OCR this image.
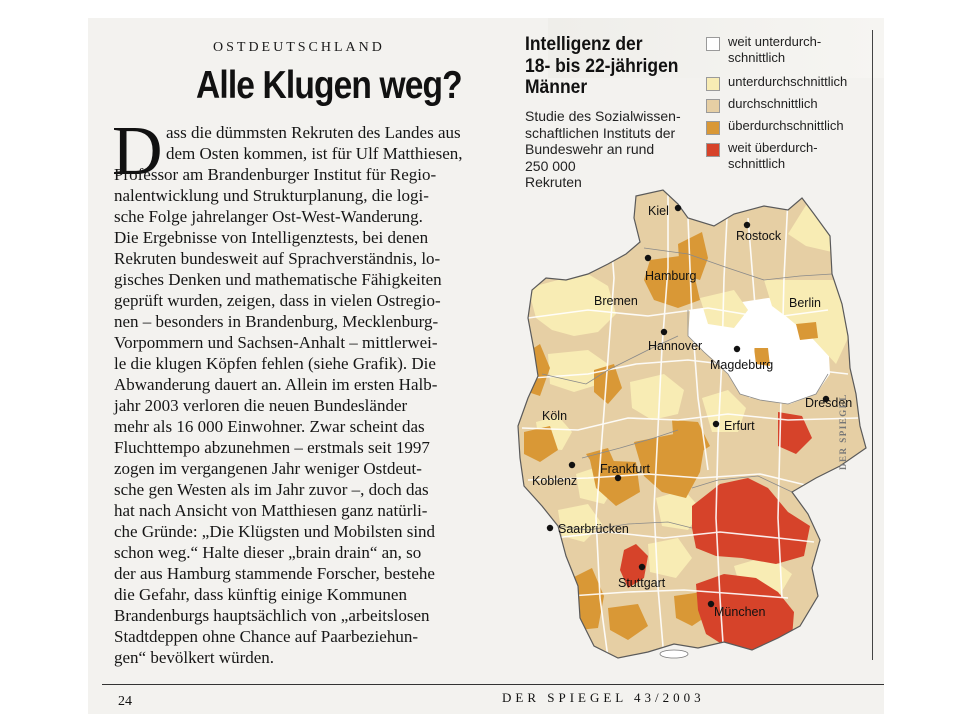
OSTDEUTSCHLAND
Alle Klugen weg?
D ass die dümmsten Rekruten des Landes aus
dem Osten kommen, ist für Ulf Matthiesen,
Professor am Brandenburger Institut für Regio-
nalentwicklung und Strukturplanung, die logi-
sche Folge jahrelanger Ost-West-Wanderung.
Die Ergebnisse von Intelligenztests, bei denen
Rekruten bundesweit auf Sprachverständnis, lo-
gisches Denken und mathematische Fähigkeiten
geprüft wurden, zeigen, dass in vielen Ostregio-
nen – besonders in Brandenburg, Mecklenburg-
Vorpommern und Sachsen-Anhalt – mittlerwei-
le die klugen Köpfen fehlen (siehe Grafik). Die
Abwanderung dauert an. Allein im ersten Halb-
jahr 2003 verloren die neuen Bundesländer
mehr als 16 000 Einwohner. Zwar scheint das
Fluchttempo abzunehmen – erstmals seit 1997
zogen im vergangenen Jahr weniger Ostdeut-
sche gen Westen als im Jahr zuvor –, doch das
hat nach Ansicht von Matthiesen ganz natürli-
che Gründe: „Die Klügsten und Mobilsten sind
schon weg.“ Halte dieser „brain drain“ an, so
der aus Hamburg stammende Forscher, bestehe
die Gefahr, dass künftig einige Kommunen
Brandenburgs hauptsächlich von „arbeitslosen
Stadtdeppen ohne Chance auf Paarbeziehun-
gen“ bevölkert würden.
Kiel
Rostock
Hamburg
Bremen	Berlin
Hannover
Magdeburg
Dresden
Köln
Erfurt
Koblenz
Frankfurt
Saarbrücken
Stuttgart
München
Intelligenz der
18- bis 22-jährigen
Männer
Studie des Sozialwissen-
schaftlichen Instituts der
Bundeswehr an rund
250 000
Rekruten
weit unterdurch-
schnittlich
unterdurchschnittlich
durchschnittlich
überdurchschnittlich
weit überdurch-
schnittlich
DER SPIEGEL
24	DER SPIEGEL 43/2003
